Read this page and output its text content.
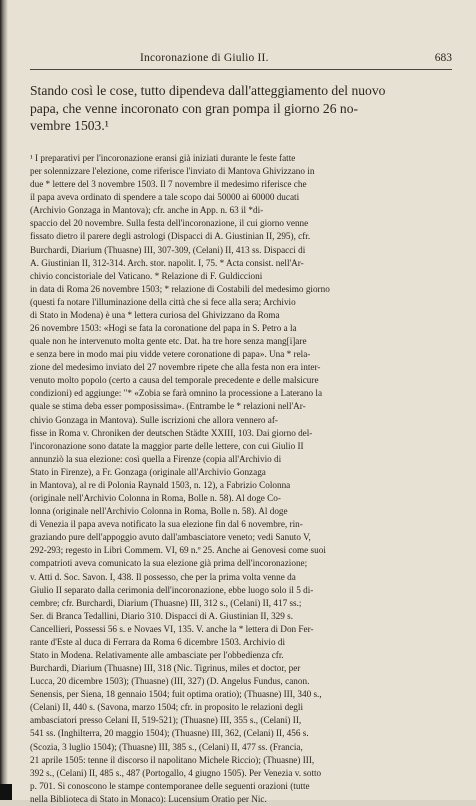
Incoronazione di Giulio II.	683
Stando così le cose, tutto dipendeva dall'atteggiamento del nuovo
papa, che venne incoronato con gran pompa il giorno 26 no-
vembre 1503.¹
¹ I preparativi per l'incoronazione eransi già iniziati durante le feste fatte
per solennizzare l'elezione, come riferisce l'inviato di Mantova Ghivizzano in
due * lettere del 3 novembre 1503. Il 7 novembre il medesimo riferisce che
il papa aveva ordinato di spendere a tale scopo dai 50000 ai 60000 ducati
(Archivio Gonzaga in Mantova); cfr. anche in App. n. 63 il *di-
spaccio del 20 novembre. Sulla festa dell'incoronazione, il cui giorno venne
fissato dietro il parere degli astrologi (Dispacci di A. Giustinian II, 295), cfr.
Burchardi, Diarium (Thuasne) III, 307-309, (Celani) II, 413 ss. Dispacci di
A. Giustinian II, 312-314. Arch. stor. napolit. I, 75. * Acta consist. nell'Ar-
chivio concistoriale del Vaticano. * Relazione di F. Guldiccioni
in data di Roma 26 novembre 1503; * relazione di Costabili del medesimo giorno
(questi fa notare l'illuminazione della città che si fece alla sera; Archivio
di Stato in Modena) è una * lettera curiosa del Ghivizzano da Roma
26 novembre 1503: «Hogi se fata la coronatione del papa in S. Petro a la
quale non he intervenuto molta gente etc. Dat. ha tre hore senza mang[i]are
e senza bere in modo mai piu vidde vetere coronatione di papa». Una * rela-
zione del medesimo inviato del 27 novembre ripete che alla festa non era inter-
venuto molto popolo (certo a causa del temporale precedente e delle malsicure
condizioni) ed aggiunge: "* «Zobia se farà omnino la processione a Laterano la
quale se stima deba esser pomposissima». (Entrambe le * relazioni nell'Ar-
chivio Gonzaga in Mantova). Sulle iscrizioni che allora vennero af-
fisse in Roma v. Chroniken der deutschen Städte XXIII, 103. Dai giorno del-
l'incoronazione sono datate la maggior parte delle lettere, con cui Giulio II
annunziò la sua elezione: così quella a Firenze (copia all'Archivio di
Stato in Firenze), a Fr. Gonzaga (originale all'Archivio Gonzaga
in Mantova), al re di Polonia Raynald 1503, n. 12), a Fabrizio Colonna
(originale nell'Archivio Colonna in Roma, Bolle n. 58). Al doge Co-
lonna (originale nell'Archivio Colonna in Roma, Bolle n. 58). Al doge
di Venezia il papa aveva notificato la sua elezione fin dal 6 novembre, rin-
graziando pure dell'appoggio avuto dall'ambasciatore veneto; vedi Sanuto V,
292-293; regesto in Libri Commem. VI, 69 n.º 25. Anche ai Genovesi come suoi
compatrioti aveva comunicato la sua elezione già prima dell'incoronazione;
v. Atti d. Soc. Savon. I, 438. Il possesso, che per la prima volta venne da
Giulio II separato dalla cerimonia dell'incoronazione, ebbe luogo solo il 5 di-
cembre; cfr. Burchardi, Diarium (Thuasne) III, 312 s., (Celani) II, 417 ss.;
Ser. di Branca Tedallini, Diario 310. Dispacci di A. Giustinian II, 329 s.
Cancellieri, Possessi 56 s. e Novaes VI, 135. V. anche la * lettera di Don Fer-
rante d'Este al duca di Ferrara da Roma 6 dicembre 1503. Archivio di
Stato in Modena. Relativamente alle ambasciate per l'obbedienza cfr.
Burchardi, Diarium (Thuasne) III, 318 (Nic. Tigrinus, miles et doctor, per
Lucca, 20 dicembre 1503); (Thuasne) (III, 327) (D. Angelus Fundus, canon.
Senensis, per Siena, 18 gennaio 1504; fuit optima oratio); (Thuasne) III, 340 s.,
(Celani) II, 440 s. (Savona, marzo 1504; cfr. in proposito le relazioni degli
ambasciatori presso Celani II, 519-521); (Thuasne) III, 355 s., (Celani) II,
541 ss. (Inghilterra, 20 maggio 1504); (Thuasne) III, 362, (Celani) II, 456 s.
(Scozia, 3 luglio 1504); (Thuasne) III, 385 s., (Celani) II, 477 ss. (Francia,
21 aprile 1505: tenne il discorso il napolitano Michele Riccio); (Thuasne) III,
392 s., (Celani) II, 485 s., 487 (Portogallo, 4 giugno 1505). Per Venezia v. sotto
p. 701. Si conoscono le stampe contemporanee delle seguenti orazioni (tutte
nella Biblioteca di Stato in Monaco): Lucensium Oratio per Nic.
